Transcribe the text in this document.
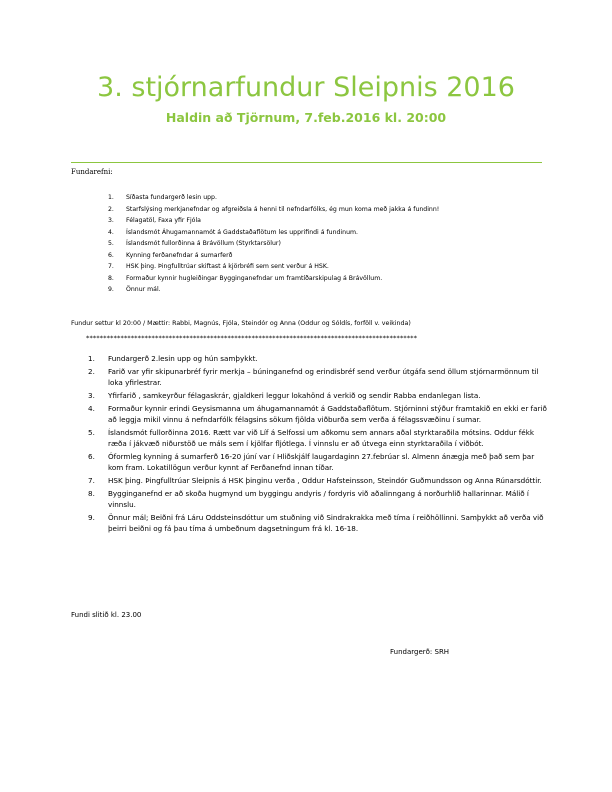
3. stjórnarfundur Sleipnis 2016
Haldin að Tjörnum, 7.feb.2016 kl. 20:00
Fundarefni:
1.	Síðasta fundargerð lesin upp.
2.	Starfslýsing merkjanefndar og afgreiðsla á henni til nefndarfólks, ég mun koma með jakka á fundinn!
3.	Félagatöl, Faxa yfir Fjóla
4.	Íslandsmót Áhugamannamót á Gaddstaðaflötum les upprifindi á fundinum.
5.	Íslandsmót fullorðinna á Brávöllum (Styrktarsölur)
6.	Kynning ferðanefndar á sumarferð
7.	HSK þing. Þingfulltrúar skiftast á kjörbréfi sem sent verður á HSK.
8.	Formaður kynnir hugleiðingar Bygginganefndar um framtíðarskipulag á Brávöllum.
9.	Önnur mál.
Fundur settur kl 20:00 / Mættir: Rabbi, Magnús, Fjóla, Steindór og Anna (Oddur og Sóldís, forföll v. veikinda)
************************************************************************************************
1.	Fundargerð 2.lesin upp og hún samþykkt.
2.	Farið var yfir skipunarbréf fyrir merkja – búninganefnd og erindisbréf send verður útgáfa send öllum stjórnarmönnum til loka yfirlestrar.
3.	Yfirfarið , samkeyrður félagaskrár, gjaldkeri leggur lokahönd á verkið og sendir Rabba endanlegan lista.
4.	Formaður kynnir erindi Geysismanna um áhugamannamót á Gaddstaðaflötum. Stjórninni stýður framtakið en ekki er farið að leggja mikil vinnu á nefndarfólk félagsins sökum fjölda viðburða sem verða á félagssvæðinu í sumar.
5.	Íslandsmót fullorðinna 2016. Rætt var við Líf á Selfossi um aðkomu sem annars aðal styrktaraðila mótsins. Oddur fékk ræða í jákvæð niðurstöð ue máls sem í kjölfar fljótlega. Í vinnslu er að útvega einn styrktaraðila í viðbót.
6.	Óformleg kynning á sumarferð 16-20 júní var í Hliðskjálf laugardaginn 27.febrúar sl. Almenn ánægja með það sem þar kom fram. Lokatillögun verður kynnt af Ferðanefnd innan tíðar.
7.	HSK þing. Þingfulltrúar Sleipnis á HSK þinginu verða , Oddur Hafsteinsson, Steindór Guðmundsson og Anna Rúnarsdóttir.
8.	Bygginganefnd er að skoða hugmynd um byggingu andyris / fordyris við aðalinngang á norðurhlið hallarinnar. Málið í vinnslu.
9.	Önnur mál; Beiðni frá Láru Oddsteinsdóttur um stuðning við Sindrakrakka með tíma í reiðhöllinni. Samþykkt að verða við þeirri beiðni og fá þau tíma á umbeðnum dagsetningum frá kl. 16-18.
Fundi slitið kl. 23.00
Fundargerð: SRH
